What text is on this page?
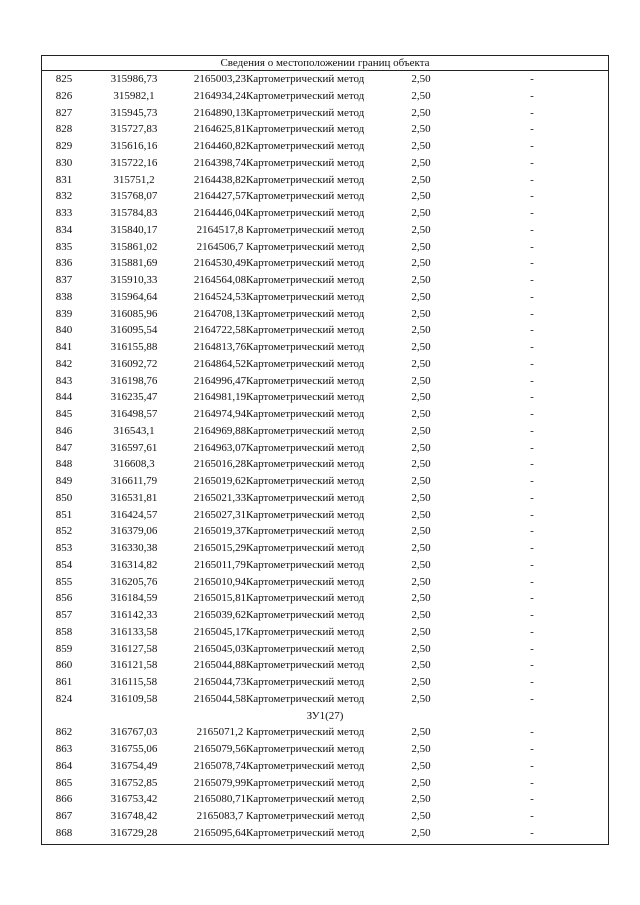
Сведения о местоположении границ объекта
825	315986,73	2165003,23 Картометрический метод	2,50	-
826	315982,1	2164934,24 Картометрический метод	2,50	-
827	315945,73	2164890,13 Картометрический метод	2,50	-
828	315727,83	2164625,81 Картометрический метод	2,50	-
829	315616,16	2164460,82 Картометрический метод	2,50	-
830	315722,16	2164398,74 Картометрический метод	2,50	-
831	315751,2	2164438,82 Картометрический метод	2,50	-
832	315768,07	2164427,57 Картометрический метод	2,50	-
833	315784,83	2164446,04 Картометрический метод	2,50	-
834	315840,17	2164517,8 Картометрический метод	2,50	-
835	315861,02	2164506,7 Картометрический метод	2,50	-
836	315881,69	2164530,49 Картометрический метод	2,50	-
837	315910,33	2164564,08 Картометрический метод	2,50	-
838	315964,64	2164524,53 Картометрический метод	2,50	-
839	316085,96	2164708,13 Картометрический метод	2,50	-
840	316095,54	2164722,58 Картометрический метод	2,50	-
841	316155,88	2164813,76 Картометрический метод	2,50	-
842	316092,72	2164864,52 Картометрический метод	2,50	-
843	316198,76	2164996,47 Картометрический метод	2,50	-
844	316235,47	2164981,19 Картометрический метод	2,50	-
845	316498,57	2164974,94 Картометрический метод	2,50	-
846	316543,1	2164969,88 Картометрический метод	2,50	-
847	316597,61	2164963,07 Картометрический метод	2,50	-
848	316608,3	2165016,28 Картометрический метод	2,50	-
849	316611,79	2165019,62 Картометрический метод	2,50	-
850	316531,81	2165021,33 Картометрический метод	2,50	-
851	316424,57	2165027,31 Картометрический метод	2,50	-
852	316379,06	2165019,37 Картометрический метод	2,50	-
853	316330,38	2165015,29 Картометрический метод	2,50	-
854	316314,82	2165011,79 Картометрический метод	2,50	-
855	316205,76	2165010,94 Картометрический метод	2,50	-
856	316184,59	2165015,81 Картометрический метод	2,50	-
857	316142,33	2165039,62 Картометрический метод	2,50	-
858	316133,58	2165045,17 Картометрический метод	2,50	-
859	316127,58	2165045,03 Картометрический метод	2,50	-
860	316121,58	2165044,88 Картометрический метод	2,50	-
861	316115,58	2165044,73 Картометрический метод	2,50	-
824	316109,58	2165044,58 Картометрический метод	2,50	-
ЗУ1(27)
862	316767,03	2165071,2 Картометрический метод	2,50	-
863	316755,06	2165079,56 Картометрический метод	2,50	-
864	316754,49	2165078,74 Картометрический метод	2,50	-
865	316752,85	2165079,99 Картометрический метод	2,50	-
866	316753,42	2165080,71 Картометрический метод	2,50	-
867	316748,42	2165083,7 Картометрический метод	2,50	-
868	316729,28	2165095,64 Картометрический метод	2,50	-
